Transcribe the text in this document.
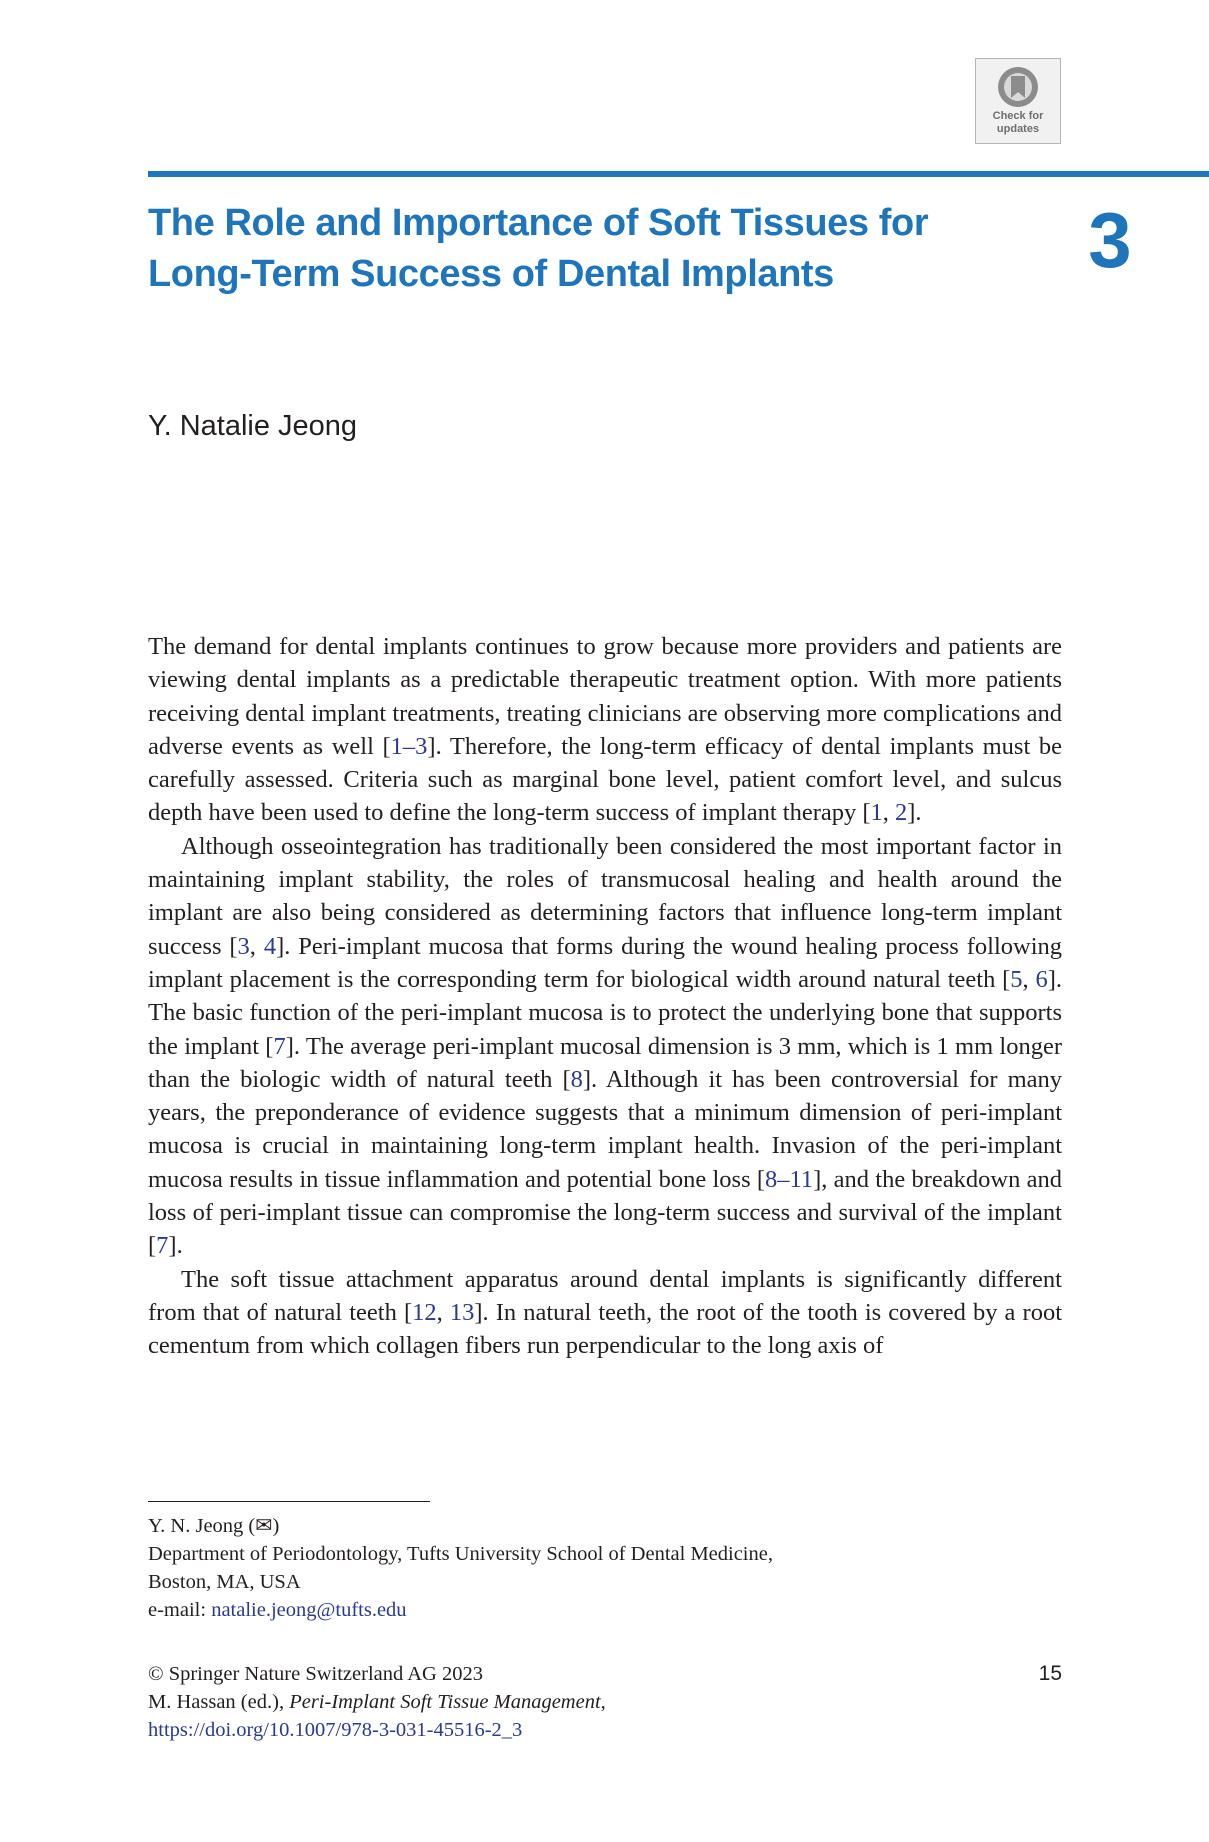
Check for
updates
The Role and Importance of Soft Tissues for Long-Term Success of Dental Implants	3
Y. Natalie Jeong

The demand for dental implants continues to grow because more providers and patients are viewing dental implants as a predictable therapeutic treatment option. With more patients receiving dental implant treatments, treating clinicians are observing more complications and adverse events as well [1–3]. Therefore, the long-term efficacy of dental implants must be carefully assessed. Criteria such as marginal bone level, patient comfort level, and sulcus depth have been used to define the long-term success of implant therapy [1, 2].

Although osseointegration has traditionally been considered the most important factor in maintaining implant stability, the roles of transmucosal healing and health around the implant are also being considered as determining factors that influence long-term implant success [3, 4]. Peri-implant mucosa that forms during the wound healing process following implant placement is the corresponding term for biological width around natural teeth [5, 6]. The basic function of the peri-implant mucosa is to protect the underlying bone that supports the implant [7]. The average peri-implant mucosal dimension is 3 mm, which is 1 mm longer than the biologic width of natural teeth [8]. Although it has been controversial for many years, the preponderance of evidence suggests that a minimum dimension of peri-implant mucosa is crucial in maintaining long-term implant health. Invasion of the peri-implant mucosa results in tissue inflammation and potential bone loss [8–11], and the breakdown and loss of peri-implant tissue can compromise the long-term success and survival of the implant [7].

The soft tissue attachment apparatus around dental implants is significantly different from that of natural teeth [12, 13]. In natural teeth, the root of the tooth is covered by a root cementum from which collagen fibers run perpendicular to the long axis of

Y. N. Jeong (✉)
Department of Periodontology, Tufts University School of Dental Medicine,
Boston, MA, USA
e-mail: natalie.jeong@tufts.edu
© Springer Nature Switzerland AG 2023
M. Hassan (ed.), Peri-Implant Soft Tissue Management,
https://doi.org/10.1007/978-3-031-45516-2_3
15
